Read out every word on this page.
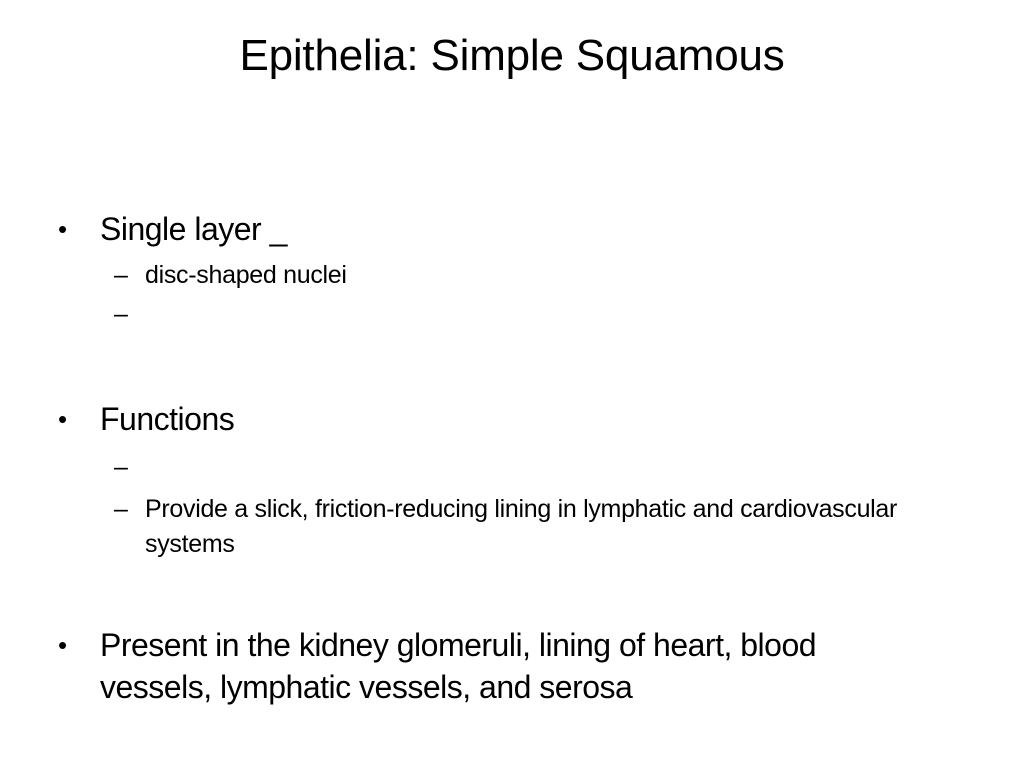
Epithelia: Simple Squamous
•	Single layer _
– disc-shaped nuclei
–
•	Functions
–
– Provide a slick, friction-reducing lining in lymphatic and cardiovascular systems
•	Present in the kidney glomeruli, lining of heart, blood vessels, lymphatic vessels, and serosa
